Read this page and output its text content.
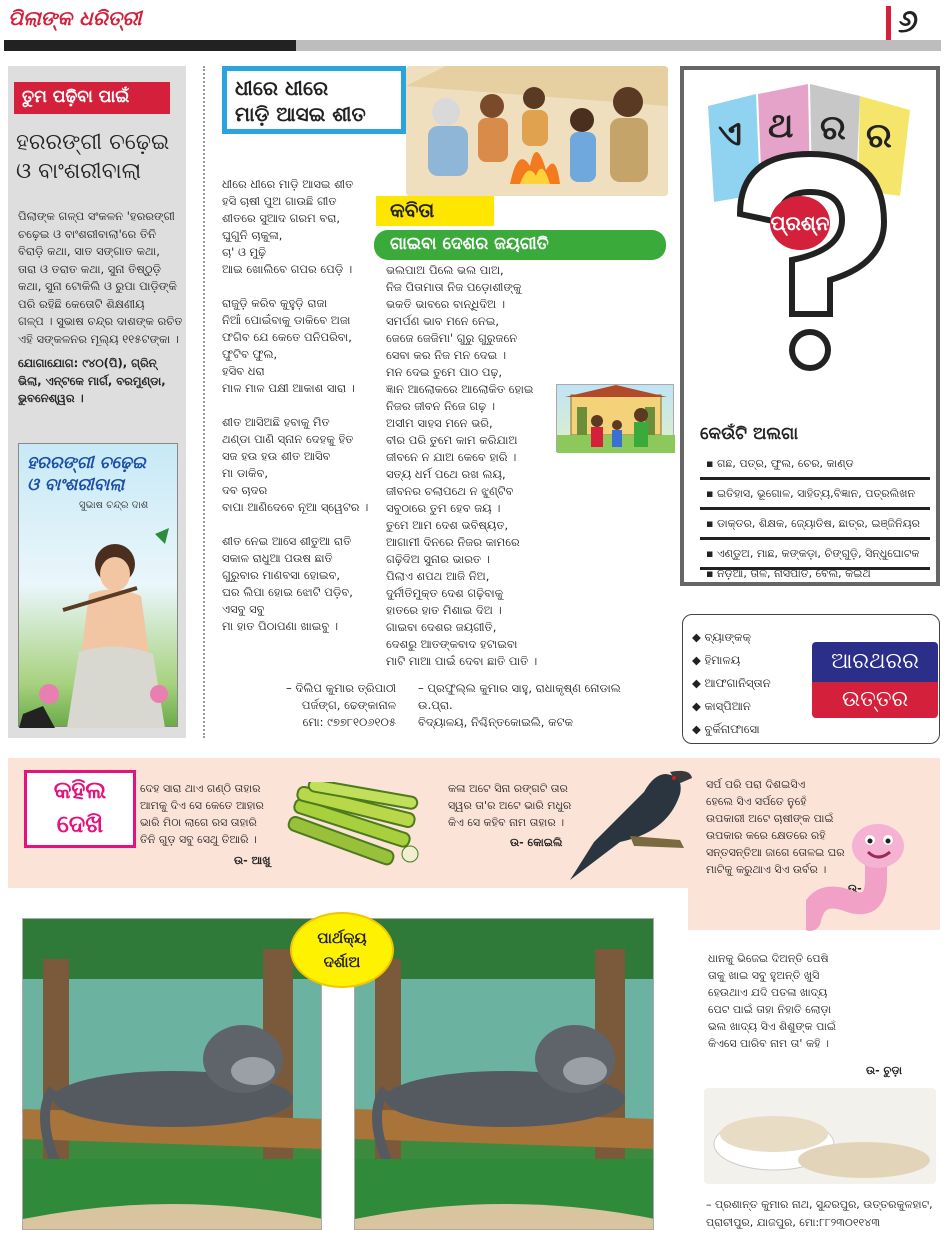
ପିଲାଙ୍କ ଧରିତ୍ରୀ	୬
ତୁମ ପଢ଼ିବା ପାଇଁ
ହରରଙ୍ଗୀ ଚଢ଼େଇ
ଓ ବାଂଶରୀବାଲା
ପିଲାଙ୍କ ଗଳ୍ପ ସଂକଳନ 'ହରରଙ୍ଗୀ
ଚଢ଼େଇ ଓ ବାଂଶରୀବାଲା'ରେ ତିନି
ବିରାଡ଼ି କଥା, ସାତ ସଙ୍ଗାତ କଥା,
ତାରା ଓ ତରାତ କଥା, ସୁନା ତିଷ୍ଠୁଡ଼ି
କଥା, ସୁନା ଟୋକିଲି ଓ ରୁପା ପାଡ଼ିଙ୍କି
ପରି ରହିଛି କେତୋଟି ଶିକ୍ଷଣୀୟ
ଗଳ୍ପ । ସୁଭାଷ ଚନ୍ଦ୍ର ଦାଶଙ୍କ ରଚିତ
ଏହି ସଙ୍କଳନର ମୂଲ୍ୟ ୧୧୫ଟଙ୍କା ।
ଯୋଗାଯୋଗ: ୯୪୦(ପି), ଗ୍ରିନ୍
ଭିଲା, ଏନ୍‌ଟକେ ମାର୍ଗ, ବରମୁଣ୍ଡା,
ଭୁବନେଶ୍ୱର ।
ହରରଙ୍ଗୀ ଚଢ଼େଇ
ଓ ବାଂଶରୀବାଲା
ସୁଭାଷ ଚନ୍ଦ୍ର ଦାଶ
ଧୀରେ ଧୀରେ
ମାଡ଼ି ଆସଇ ଶୀତ
ଧୀରେ ଧୀରେ ମାଡ଼ି ଆସଇ ଶୀତ
ହସି ଚାଷୀ ପୁଅ ଗାଉଛି ଗୀତ
ଶୀତରେ ସୁଆଦ ଗରମ ବରା,
ଘୁଗୁନି ଚାକୁଳା,
ଚା' ଓ ମୁଢ଼ି
ଆଇ ଖୋଲିବେ ଗପର ପେଡ଼ି ।

ରାଜୁଡ଼ି କରିବ କୁହୁଡ଼ି ରାଜା
ନିଆଁ ପୋଇଁବାକୁ ଡାକିବେ ଅଜା
ଫଗିବ ଯେ କେତେ ପନିପରିବା,
ଫୁଟିବ ଫୁଲ,
ହସିବ ଧରା
ମାଳ ମାଳ ପକ୍ଷୀ ଆକାଶ ସାରା ।

ଶୀତ ଆସିଅଛି ହବାକୁ ମିତ
ଥଣ୍ଡା ପାଣି ସ୍ନାନ ଦେହକୁ ହିତ
ସଜ ହଉ ହଉ ଶୀତ ଆସିବ
ମା ଡାକିବ,
ଦବ ଚାଦର
ବାପା ଆଣିଦେବେ ନୂଆ ସ୍ୱେଟର ।

ଶୀତ ନେଇ ଆସେ ଶୀତୁଆ ରାତି
ସକାଳ ରାଧୁଆ ପଉଷ ଛାତି
ଗୁରୁବାର ମାଣବସା ହୋଇବ,
ଘର ଲିପା ହୋଇ ଝୋଟି ପଡ଼ିବ,
ଏସବୁ ସବୁ
ମା ହାତ ପିଠାପଣା ଖାଇବୁ ।
– ଦିଲିପ କୁମାର ତ୍ରିପାଠୀ
ପର୍ଜଙ୍ଗ, ଢେଙ୍କାନାଳ
ମୋ: ୯୭୭୮୧୦୬୧୦୫
କବିତା
ଗାଇବା ଦେଶର ଜୟଗୀତି
ଭଲପାଅ ପିଲେ ଭଲ ପାଅ,
ନିଜ ପିତାମାତା ନିଜ ପଡ଼ୋଶୀଙ୍କୁ
ଭକତି ଭାବରେ ବାନ୍ଧିଦିଅ ।
ସମର୍ପଣ ଭାବ ମନେ ନେଇ,
ଜେଜେ ଜେଜିମା' ଗୁରୁ ଗୁରୁଜନେ
ସେବା କର ନିଜ ମନ ଦେଇ ।
ମନ ଦେଇ ତୁମେ ପାଠ ପଢ଼,
ଜ୍ଞାନ ଆଲୋକରେ ଆଲୋକିତ ହୋଇ
ନିଜର ଜୀବନ ନିଜେ ଗଢ଼ ।
ଅସୀମ ସାହସ ମନେ ଭରି,
ବୀର ପରି ତୁମେ କାମ କରିଯାଅ
ଜୀବନେ ନ ଯାଅ କେବେ ହାରି ।
ସତ୍ୟ ଧର୍ମ ପଥେ ରଖ ଲୟ,
ଜୀବନର ଚଲାପଥେ ନ ଝୁଣ୍ଟିବ
ସବୁଠାରେ ତୁମ ହେବ ଜୟ ।
ତୁମେ ଆମ ଦେଶ ଭବିଷ୍ୟତ,
ଆଗାମୀ ଦିନରେ ନିଜର କାମରେ
ଗଢ଼ିଦିଅ ସୁନାର ଭାରତ ।
ପିଲାଏ ଶପଥ ଆଜି ନିଅ,
ଦୁର୍ନୀତିମୁକ୍ତ ଦେଶ ଗଢ଼ିବାକୁ
ହାତରେ ହାତ ମିଶାଇ ଦିଅ ।
ଗାଇବା ଦେଶର ଜୟଗୀତି,
ଦେଶରୁ ଆତଙ୍କବାଦ ହଟାଇବା
ମାଟି ମାଆ ପାଇଁ ଦେବା ଛାତି ପାତି ।
– ପ୍ରଫୁଲ୍ଲ କୁମାର ସାହୁ, ରାଧାକୃଷ୍ଣ ନୋଡାଲ ଉ.ପ୍ରା.
ବିଦ୍ୟାଳୟ, ନିଶ୍ଚିନ୍ତକୋଇଲି, କଟକ
ଏ ଥ ର ର
ପ୍ରଶ୍ନ
କେଉଁଟି ଅଲଗା
▪ ଗଛ, ପତ୍ର, ଫୁଲ, ଚେର, କାଣ୍ଡ
▪ ଇତିହାସ, ଭୂଗୋଳ, ସାହିତ୍ୟ,ବିଜ୍ଞାନ, ପତ୍ରଲିଖନ
▪ ଡାକ୍ତର, ଶିକ୍ଷକ, ଜ୍ୟୋତିଷ, ଛାତ୍ର, ଇଞ୍ଜିନିୟର
▪ ଏଣ୍ଡୁଅ, ମାଛ, କଙ୍କଡ଼ା, ଚିଙ୍ଗୁଡ଼ି, ସିନ୍ଧୁଘୋଟକ
▪ ନଡ଼ିଆ, ତାଳ, ନାସପାତି, ବେଲ, କଇଥ
◆ ବ୍ୟାଙ୍କକ୍
◆ ହିମାଳୟ
◆ ଆଫଗାନିସ୍ତାନ
◆ କାସ୍ପିଆନ
◆ ବୁର୍କିନାଫାସୋ
ଆରଥରର
ଉତ୍ତର
କହିଲ
ଦେଖି
ଦେହ ସାରା ଥାଏ ଗଣ୍ଠି ତାହାର
ଆମକୁ ଦିଏ ସେ କେତେ ଆହାର
ଭାରି ମିଠା ଲାଗେ ରସ ତାହାରି
ତିନି ଗୁଡ଼ ସବୁ ସେଥୁ ତିଆରି ।
ଉ- ଆଖୁ
କଳା ଅଟେ ସିନା ରଙ୍ଗଟି ତାର
ସ୍ୱର ତା'ର ଅଟେ ଭାରି ମଧୁର
କିଏ ସେ କହିବ ନାମ ତାହାର ।
ଉ- କୋଇଲି
ସର୍ପ ପରି ପରା ଦିଶଇସିଏ
ହେଲେ ସିଏ ସର୍ପତେ ନୁହେଁ
ଉପକାରୀ ଅଟେ ଚାଷୀଙ୍କ ପାଇଁ
ଉପକାର କରେ କ୍ଷେତରେ ରହି
ସନ୍ତସନ୍ତିଆ ଜାଗେ ତୋଳଇ ଘର
ମାଟିକୁ କରୁଥାଏ ସିଏ ଉର୍ବର ।
ଉ- ଜିଆ
ପାର୍ଥକ୍ୟ
ଦର୍ଶାଅ	ଧାନକୁ ଭିଜେଇ ଦିଅନ୍ତି ପେଷି
ତାକୁ ଖାଇ ସବୁ ହୁଅନ୍ତି ଖୁସି
ହେଉଥାଏ ଯଦି ପତଳା ଖାଦ୍ୟ
ପେଟ ପାଇଁ ତାହା ନିହାତି ଲୋଡ଼ା
ଭଲ ଖାଦ୍ୟ ସିଏ ଶିଶୁଙ୍କ ପାଇଁ
କିଏସେ ପାରିବ ନାମ ତା' କହି ।
ଉ- ଚୁଡ଼ା
– ପ୍ରଶାନ୍ତ କୁମାର ନାଥ, ସୁନ୍ଦରପୁର, ଉତ୍ତରକୁଳହାଟ,
ପ୍ରାଚୀପୁର, ଯାଜପୁର, ମୋ:୮୮୨୩୦୧୧୪୩
